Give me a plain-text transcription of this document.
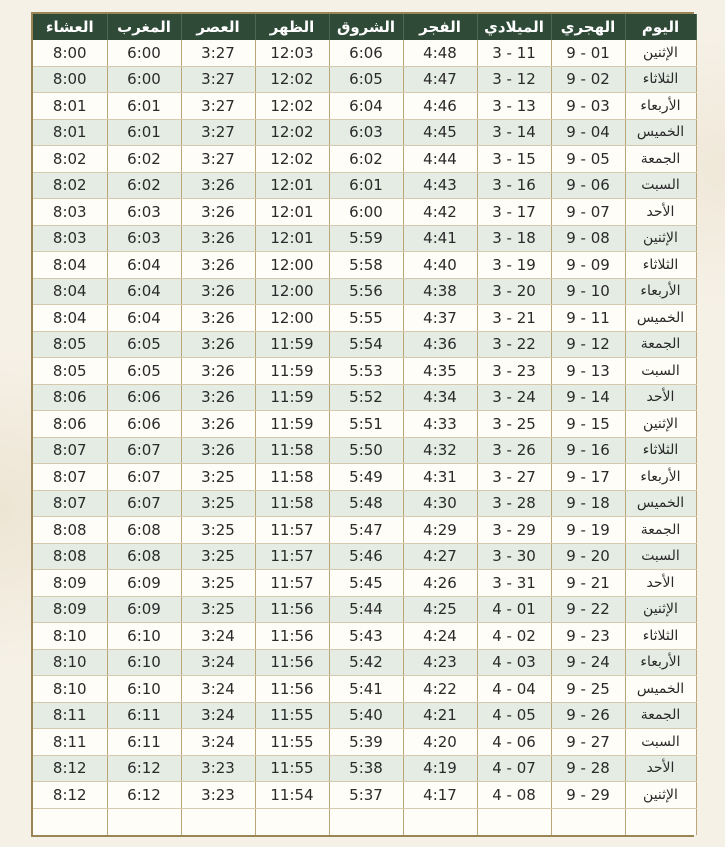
اليوم	الهجري	الميلادي	الفجر	الشروق	الظهر	العصر	المغرب	العشاء
الإثنين	01 - 9	11 - 3	4:48	6:06	12:03	3:27	6:00	8:00
الثلاثاء	02 - 9	12 - 3	4:47	6:05	12:02	3:27	6:00	8:00
الأربعاء	03 - 9	13 - 3	4:46	6:04	12:02	3:27	6:01	8:01
الخميس	04 - 9	14 - 3	4:45	6:03	12:02	3:27	6:01	8:01
الجمعة	05 - 9	15 - 3	4:44	6:02	12:02	3:27	6:02	8:02
السبت	06 - 9	16 - 3	4:43	6:01	12:01	3:26	6:02	8:02
الأحد	07 - 9	17 - 3	4:42	6:00	12:01	3:26	6:03	8:03
الإثنين	08 - 9	18 - 3	4:41	5:59	12:01	3:26	6:03	8:03
الثلاثاء	09 - 9	19 - 3	4:40	5:58	12:00	3:26	6:04	8:04
الأربعاء	10 - 9	20 - 3	4:38	5:56	12:00	3:26	6:04	8:04
الخميس	11 - 9	21 - 3	4:37	5:55	12:00	3:26	6:04	8:04
الجمعة	12 - 9	22 - 3	4:36	5:54	11:59	3:26	6:05	8:05
السبت	13 - 9	23 - 3	4:35	5:53	11:59	3:26	6:05	8:05
الأحد	14 - 9	24 - 3	4:34	5:52	11:59	3:26	6:06	8:06
الإثنين	15 - 9	25 - 3	4:33	5:51	11:59	3:26	6:06	8:06
الثلاثاء	16 - 9	26 - 3	4:32	5:50	11:58	3:26	6:07	8:07
الأربعاء	17 - 9	27 - 3	4:31	5:49	11:58	3:25	6:07	8:07
الخميس	18 - 9	28 - 3	4:30	5:48	11:58	3:25	6:07	8:07
الجمعة	19 - 9	29 - 3	4:29	5:47	11:57	3:25	6:08	8:08
السبت	20 - 9	30 - 3	4:27	5:46	11:57	3:25	6:08	8:08
الأحد	21 - 9	31 - 3	4:26	5:45	11:57	3:25	6:09	8:09
الإثنين	22 - 9	01 - 4	4:25	5:44	11:56	3:25	6:09	8:09
الثلاثاء	23 - 9	02 - 4	4:24	5:43	11:56	3:24	6:10	8:10
الأربعاء	24 - 9	03 - 4	4:23	5:42	11:56	3:24	6:10	8:10
الخميس	25 - 9	04 - 4	4:22	5:41	11:56	3:24	6:10	8:10
الجمعة	26 - 9	05 - 4	4:21	5:40	11:55	3:24	6:11	8:11
السبت	27 - 9	06 - 4	4:20	5:39	11:55	3:24	6:11	8:11
الأحد	28 - 9	07 - 4	4:19	5:38	11:55	3:23	6:12	8:12
الإثنين	29 - 9	08 - 4	4:17	5:37	11:54	3:23	6:12	8:12
